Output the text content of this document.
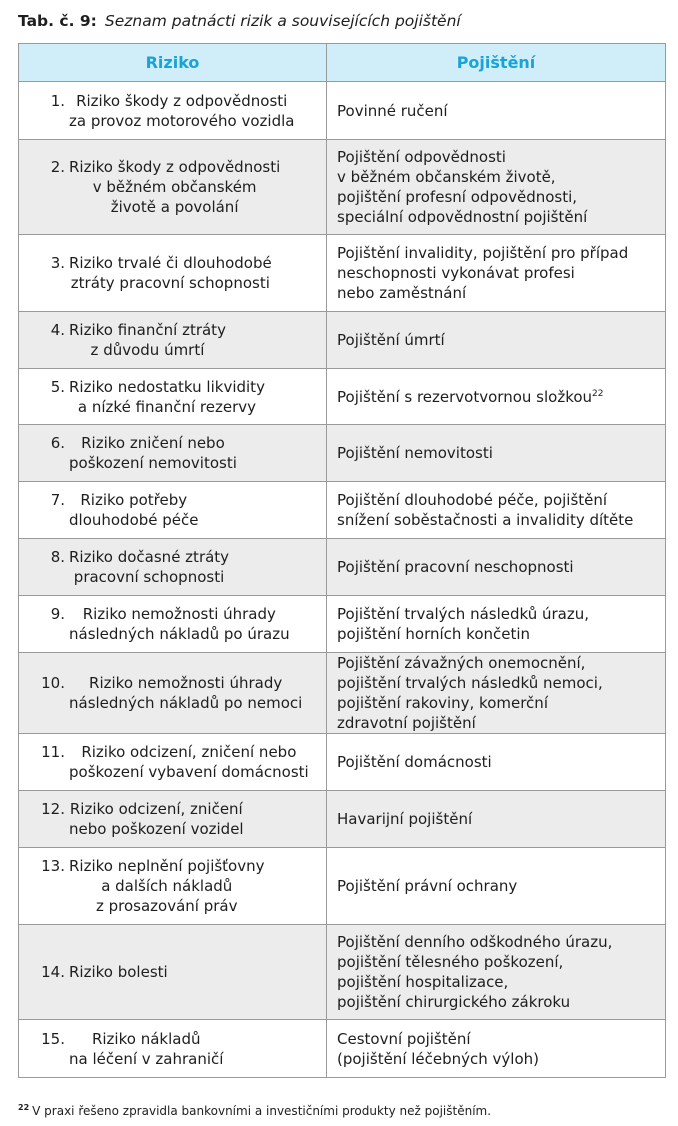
Tab. č. 9: Seznam patnácti rizik a souvisejících pojištění
Riziko	Pojištění

1. Riziko škody z odpovědnosti
za provoz motorového vozidla	Povinné ručení

2. Riziko škody z odpovědnosti
v běžném občanském
životě a povolání	Pojištění odpovědnosti
v běžném občanském životě,
pojištění profesní odpovědnosti,
speciální odpovědnostní pojištění

3. Riziko trvalé či dlouhodobé
ztráty pracovní schopnosti	Pojištění invalidity, pojištění pro případ
neschopnosti vykonávat profesi
nebo zaměstnání

4. Riziko finanční ztráty
z důvodu úmrtí	Pojištění úmrtí

5. Riziko nedostatku likvidity
a nízké finanční rezervy	Pojištění s rezervotvornou složkou$^{22}$

6. Riziko zničení nebo
poškození nemovitosti	Pojištění nemovitosti

7. Riziko potřeby
dlouhodobé péče	Pojištění dlouhodobé péče, pojištění
snížení soběstačnosti a invalidity dítěte

8. Riziko dočasné ztráty
pracovní schopnosti	Pojištění pracovní neschopnosti

9. Riziko nemožnosti úhrady
následných nákladů po úrazu	Pojištění trvalých následků úrazu,
pojištění horních končetin

10. Riziko nemožnosti úhrady
následných nákladů po nemoci	Pojištění závažných onemocnění,
pojištění trvalých následků nemoci,
pojištění rakoviny, komerční
zdravotní pojištění

11. Riziko odcizení, zničení nebo
poškození vybavení domácnosti	Pojištění domácnosti

12. Riziko odcizení, zničení
nebo poškození vozidel	Havarijní pojištění

13. Riziko neplnění pojišťovny
a dalších nákladů
z prosazování práv	Pojištění právní ochrany

14. Riziko bolesti	Pojištění denního odškodného úrazu,
pojištění tělesného poškození,
pojištění hospitalizace,
pojištění chirurgického zákroku

15. Riziko nákladů
na léčení v zahraničí	Cestovní pojištění
(pojištění léčebných výloh)
$^{22}$ V praxi řešeno zpravidla bankovními a investičními produkty než pojištěním.
